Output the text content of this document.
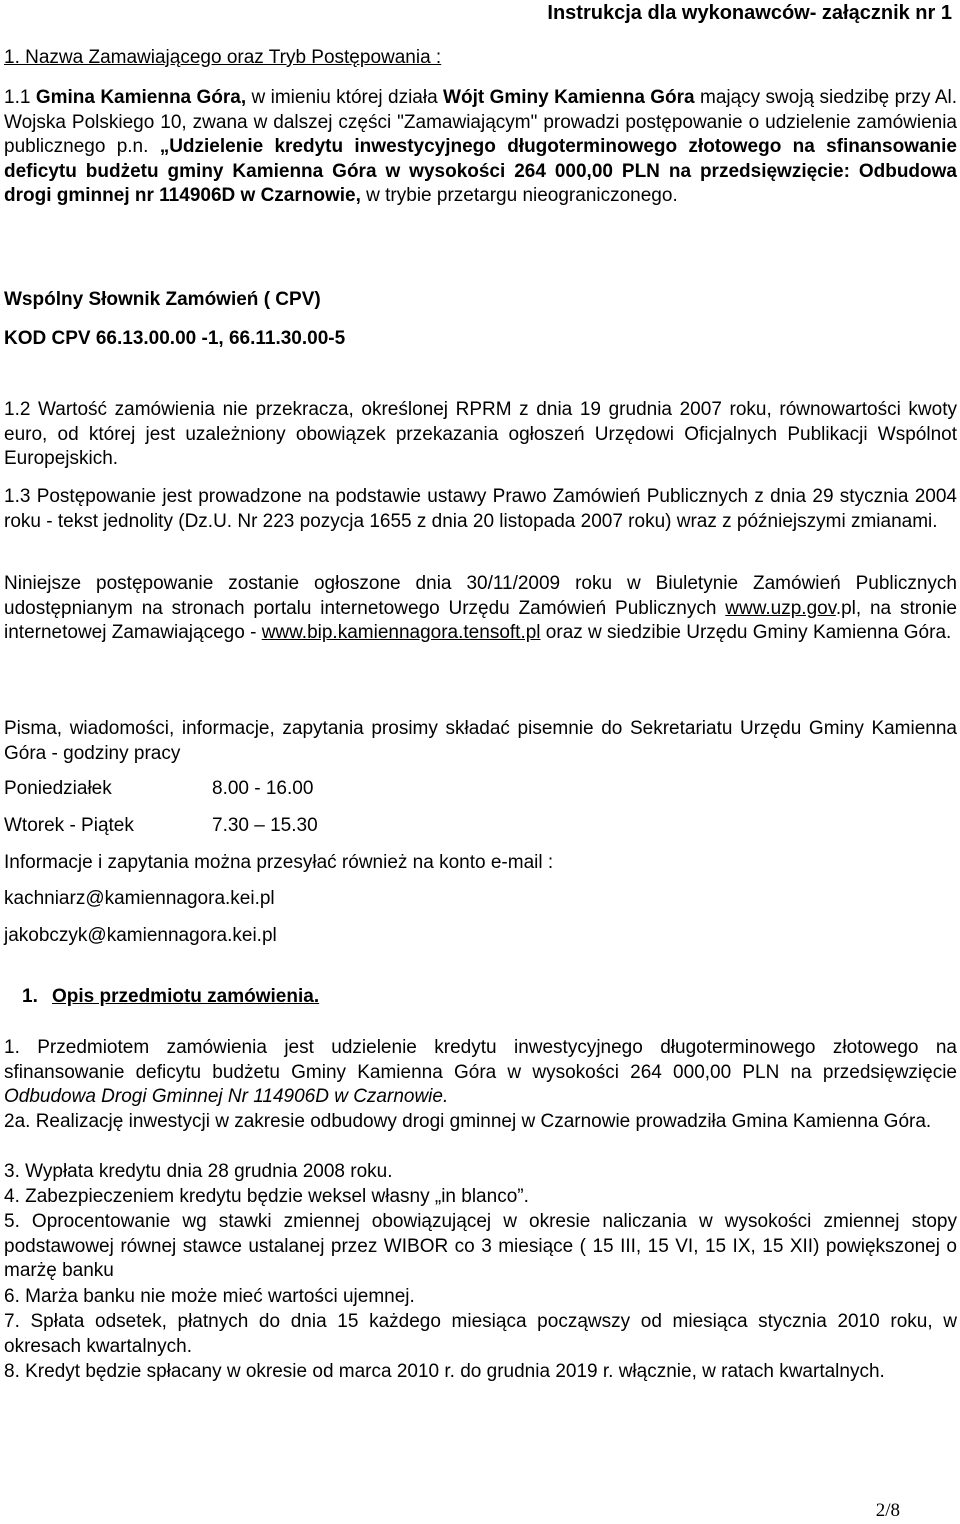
Instrukcja dla wykonawców- załącznik nr 1
1. Nazwa Zamawiającego oraz Tryb Postępowania :
1.1 Gmina Kamienna Góra, w imieniu której działa Wójt Gminy Kamienna Góra mający swoją siedzibę przy Al. Wojska Polskiego 10, zwana w dalszej części "Zamawiającym" prowadzi postępowanie o udzielenie zamówienia publicznego p.n. „Udzielenie kredytu inwestycyjnego długoterminowego złotowego na sfinansowanie deficytu budżetu gminy Kamienna Góra w wysokości 264 000,00 PLN na przedsięwzięcie: Odbudowa drogi gminnej nr 114906D w Czarnowie, w trybie przetargu nieograniczonego.
Wspólny Słownik Zamówień ( CPV)
KOD CPV 66.13.00.00 -1, 66.11.30.00-5
1.2 Wartość zamówienia nie przekracza, określonej RPRM z dnia 19 grudnia 2007 roku, równowartości kwoty euro, od której jest uzależniony obowiązek przekazania ogłoszeń Urzędowi Oficjalnych Publikacji Wspólnot Europejskich.
1.3 Postępowanie jest prowadzone na podstawie ustawy Prawo Zamówień Publicznych z dnia 29 stycznia 2004 roku - tekst jednolity (Dz.U. Nr 223 pozycja 1655 z dnia 20 listopada 2007 roku) wraz z późniejszymi zmianami.
Niniejsze postępowanie zostanie ogłoszone dnia 30/11/2009 roku w Biuletynie Zamówień Publicznych udostępnianym na stronach portalu internetowego Urzędu Zamówień Publicznych www.uzp.gov.pl, na stronie internetowej Zamawiającego - www.bip.kamiennagora.tensoft.pl oraz w siedzibie Urzędu Gminy Kamienna Góra.
Pisma, wiadomości, informacje, zapytania prosimy składać pisemnie do Sekretariatu Urzędu Gminy Kamienna Góra - godziny pracy
Poniedziałek	8.00 - 16.00
Wtorek - Piątek	7.30 – 15.30
Informacje i zapytania można przesyłać również na konto e-mail :
kachniarz@kamiennagora.kei.pl
jakobczyk@kamiennagora.kei.pl
1. Opis przedmiotu zamówienia.
1. Przedmiotem zamówienia jest udzielenie kredytu inwestycyjnego długoterminowego złotowego na sfinansowanie deficytu budżetu Gminy Kamienna Góra w wysokości 264 000,00 PLN na przedsięwzięcie Odbudowa Drogi Gminnej Nr 114906D w Czarnowie.
2a. Realizację inwestycji w zakresie odbudowy drogi gminnej w Czarnowie prowadziła Gmina Kamienna Góra.
3. Wypłata kredytu dnia 28 grudnia 2008 roku.
4. Zabezpieczeniem kredytu będzie weksel własny „in blanco”.
5. Oprocentowanie wg stawki zmiennej obowiązującej w okresie naliczania w wysokości zmiennej stopy podstawowej równej stawce ustalanej przez WIBOR co 3 miesiące ( 15 III, 15 VI, 15 IX, 15 XII) powiększonej o marżę banku
6. Marża banku nie może mieć wartości ujemnej.
7. Spłata odsetek, płatnych do dnia 15 każdego miesiąca począwszy od miesiąca stycznia 2010 roku, w okresach kwartalnych.
8. Kredyt będzie spłacany w okresie od marca 2010 r. do grudnia 2019 r. włącznie, w ratach kwartalnych.
2/8
